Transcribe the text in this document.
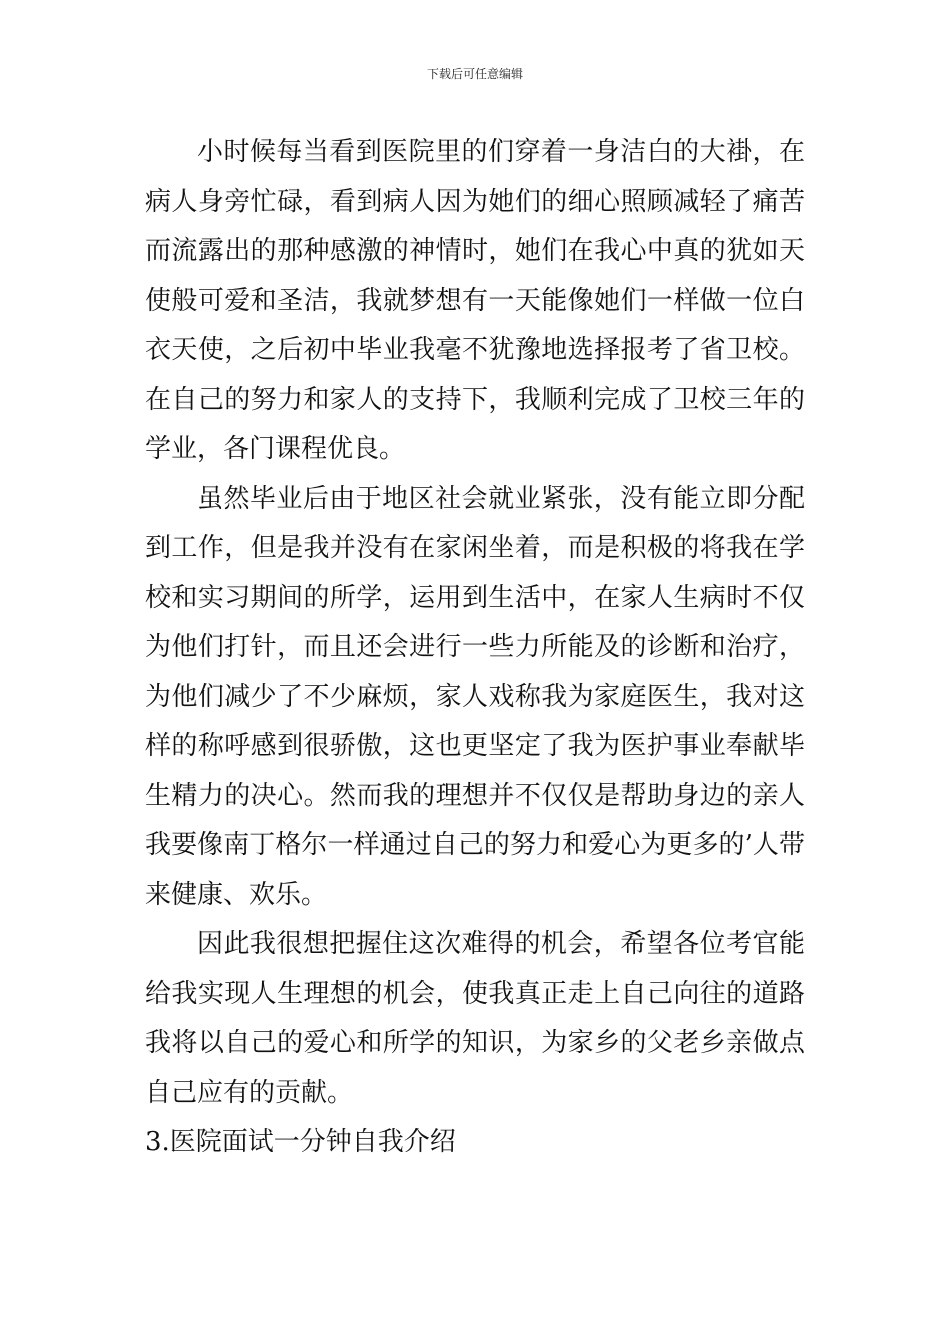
下载后可任意编辑

小时候每当看到医院里的们穿着一身洁白的大褂，在病人身旁忙碌，看到病人因为她们的细心照顾减轻了痛苦而流露出的那种感激的神情时，她们在我心中真的犹如天使般可爱和圣洁，我就梦想有一天能像她们一样做一位白衣天使，之后初中毕业我毫不犹豫地选择报考了省卫校。在自己的努力和家人的支持下，我顺利完成了卫校三年的学业，各门课程优良。

虽然毕业后由于地区社会就业紧张，没有能立即分配到工作，但是我并没有在家闲坐着，而是积极的将我在学校和实习期间的所学，运用到生活中，在家人生病时不仅为他们打针，而且还会进行一些力所能及的诊断和治疗，为他们减少了不少麻烦，家人戏称我为家庭医生，我对这样的称呼感到很骄傲，这也更坚定了我为医护事业奉献毕生精力的决心。然而我的理想并不仅仅是帮助身边的亲人我要像南丁格尔一样通过自己的努力和爱心为更多的’人带来健康、欢乐。

因此我很想把握住这次难得的机会，希望各位考官能给我实现人生理想的机会，使我真正走上自己向往的道路我将以自己的爱心和所学的知识，为家乡的父老乡亲做点自己应有的贡献。

3.医院面试一分钟自我介绍
